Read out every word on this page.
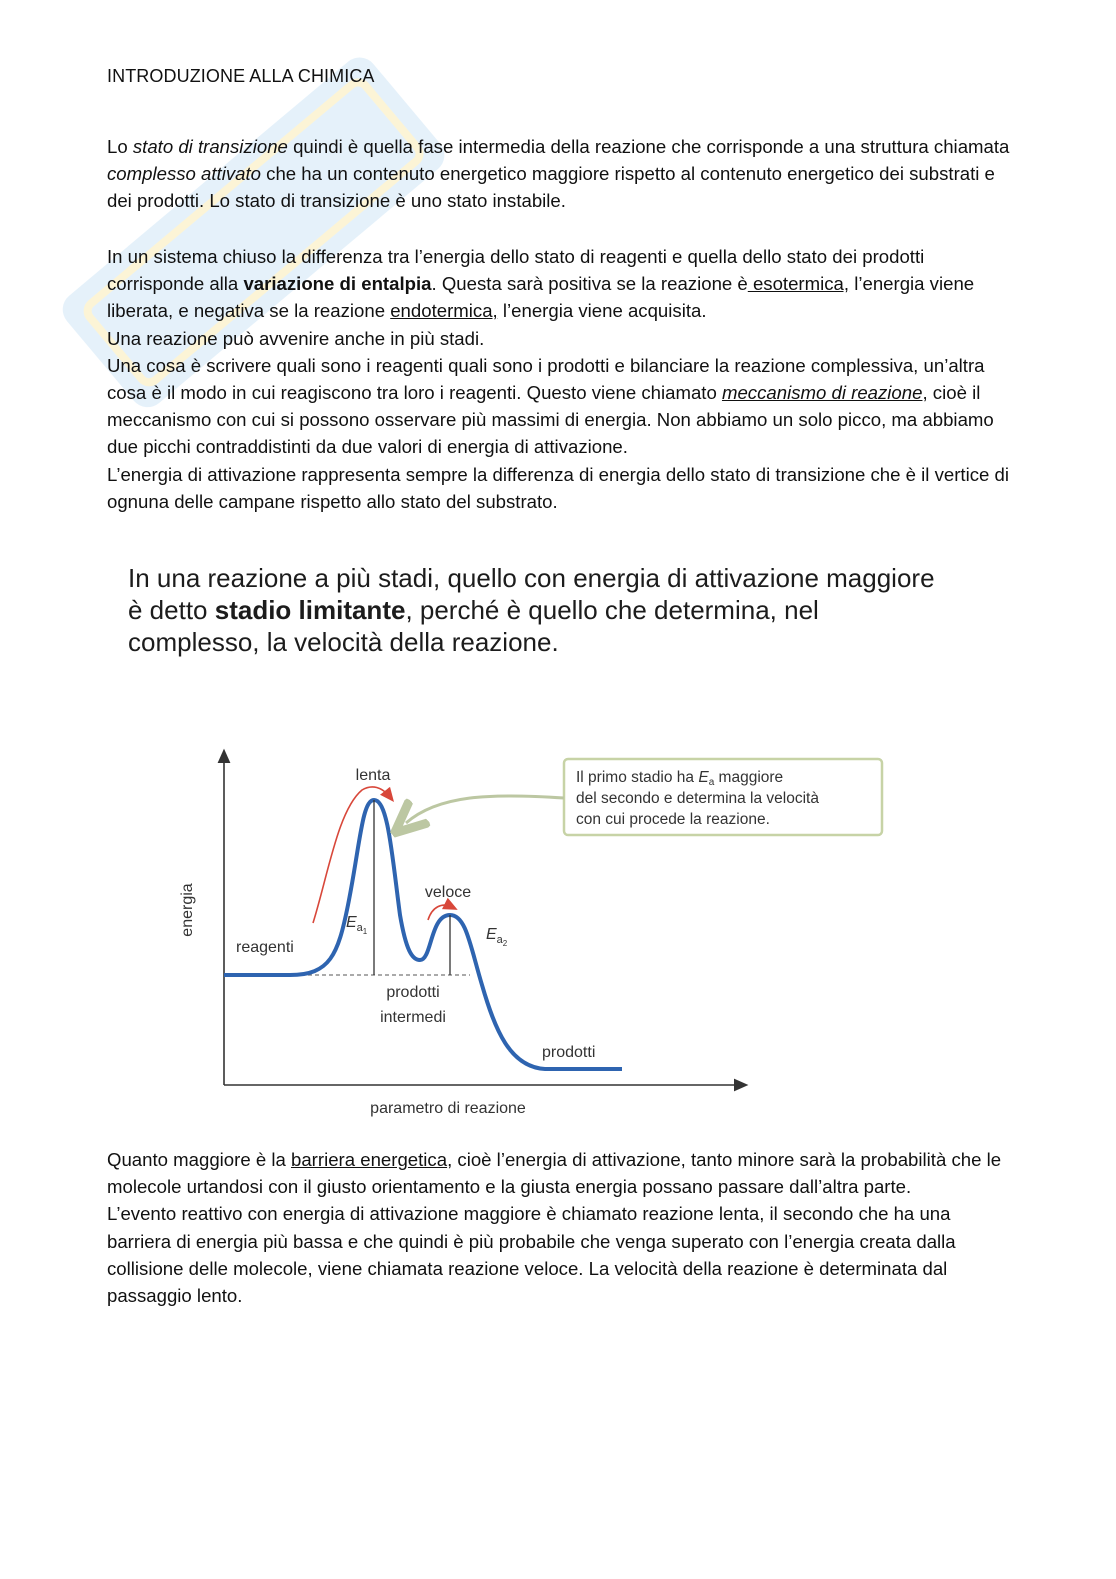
INTRODUZIONE ALLA CHIMICA

Lo stato di transizione quindi è quella fase intermedia della reazione che corrisponde a una struttura chiamata complesso attivato che ha un contenuto energetico maggiore rispetto al contenuto energetico dei substrati e dei prodotti. Lo stato di transizione è uno stato instabile.

In un sistema chiuso la differenza tra l’energia dello stato di reagenti e quella dello stato dei prodotti corrisponde alla variazione di entalpia. Questa sarà positiva se la reazione è esotermica, l’energia viene liberata, e negativa se la reazione endotermica, l’energia viene acquisita.

Una reazione può avvenire anche in più stadi.

Una cosa è scrivere quali sono i reagenti quali sono i prodotti e bilanciare la reazione complessiva, un’altra cosa è il modo in cui reagiscono tra loro i reagenti. Questo viene chiamato meccanismo di reazione, cioè il meccanismo con cui si possono osservare più massimi di energia. Non abbiamo un solo picco, ma abbiamo due picchi contraddistinti da due valori di energia di attivazione.

L’energia di attivazione rappresenta sempre la differenza di energia dello stato di transizione che è il vertice di ognuna delle campane rispetto allo stato del substrato.

In una reazione a più stadi, quello con energia di attivazione maggiore è detto stadio limitante, perché è quello che determina, nel complesso, la velocità della reazione.

energia
parametro di reazione
lenta
veloce
reagenti
$E_a1$	$E_a2$
prodotti
intermedi
prodotti
Il primo stadio ha Ea maggiore
del secondo e determina la velocità
con cui procede la reazione.

Quanto maggiore è la barriera energetica, cioè l’energia di attivazione, tanto minore sarà la probabilità che le molecole urtandosi con il giusto orientamento e la giusta energia possano passare dall’altra parte.

L’evento reattivo con energia di attivazione maggiore è chiamato reazione lenta, il secondo che ha una barriera di energia più bassa e che quindi è più probabile che venga superato con l’energia creata dalla collisione delle molecole, viene chiamata reazione veloce. La velocità della reazione è determinata dal passaggio lento.
